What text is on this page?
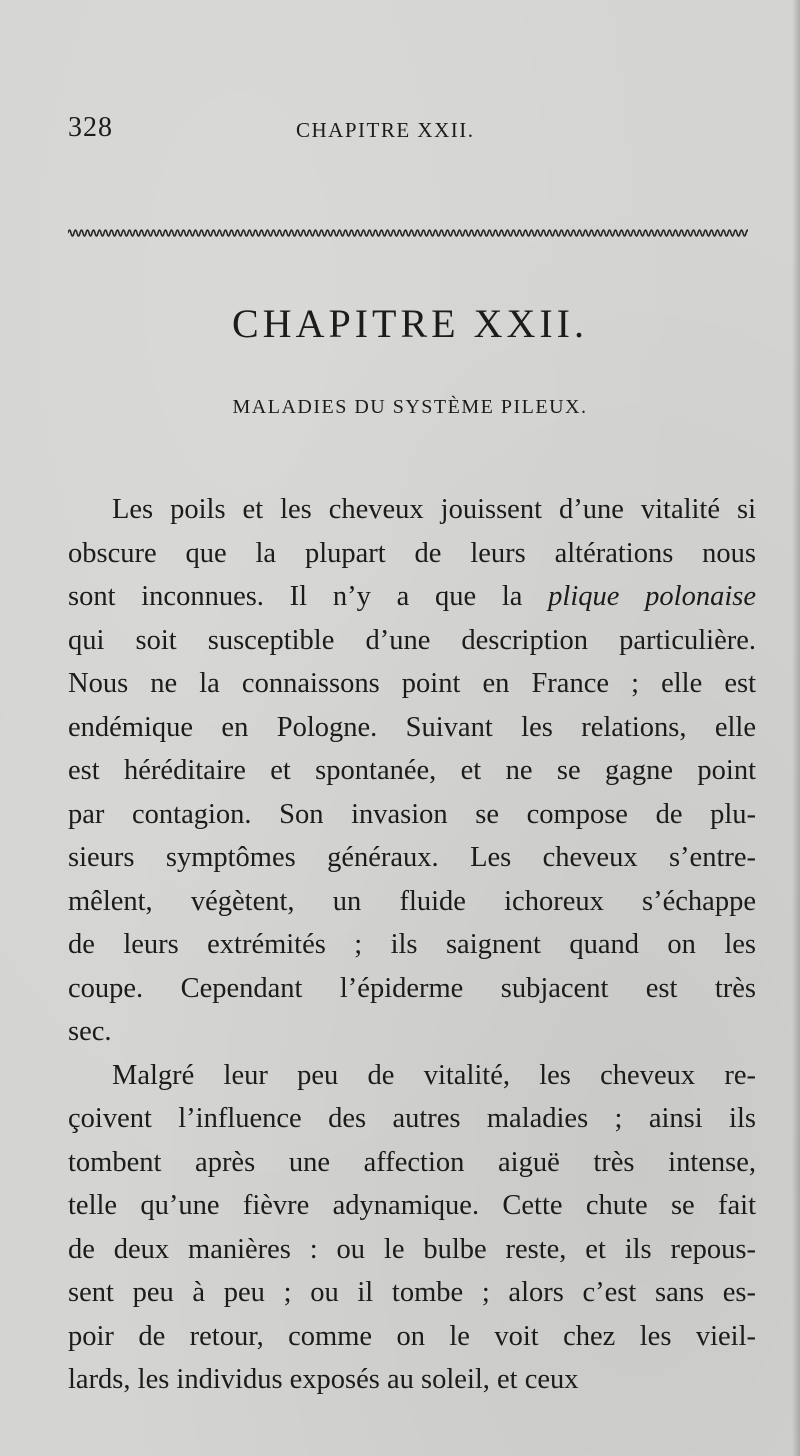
328	CHAPITRE XXII.
CHAPITRE XXII.
MALADIES DU SYSTÈME PILEUX.

Les poils et les cheveux jouissent d’une vitalité si
obscure que la plupart de leurs altérations nous
sont inconnues. Il n’y a que la plique polonaise
qui soit susceptible d’une description particulière.
Nous ne la connaissons point en France ; elle est
endémique en Pologne. Suivant les relations, elle
est héréditaire et spontanée, et ne se gagne point
par contagion. Son invasion se compose de plu-
sieurs symptômes généraux. Les cheveux s’entre-
mêlent, végètent, un fluide ichoreux s’échappe
de leurs extrémités ; ils saignent quand on les
coupe. Cependant l’épiderme subjacent est très
sec.

Malgré leur peu de vitalité, les cheveux re-
çoivent l’influence des autres maladies ; ainsi ils
tombent après une affection aiguë très intense,
telle qu’une fièvre adynamique. Cette chute se fait
de deux manières : ou le bulbe reste, et ils repous-
sent peu à peu ; ou il tombe ; alors c’est sans es-
poir de retour, comme on le voit chez les vieil-
lards, les individus exposés au soleil, et ceux
